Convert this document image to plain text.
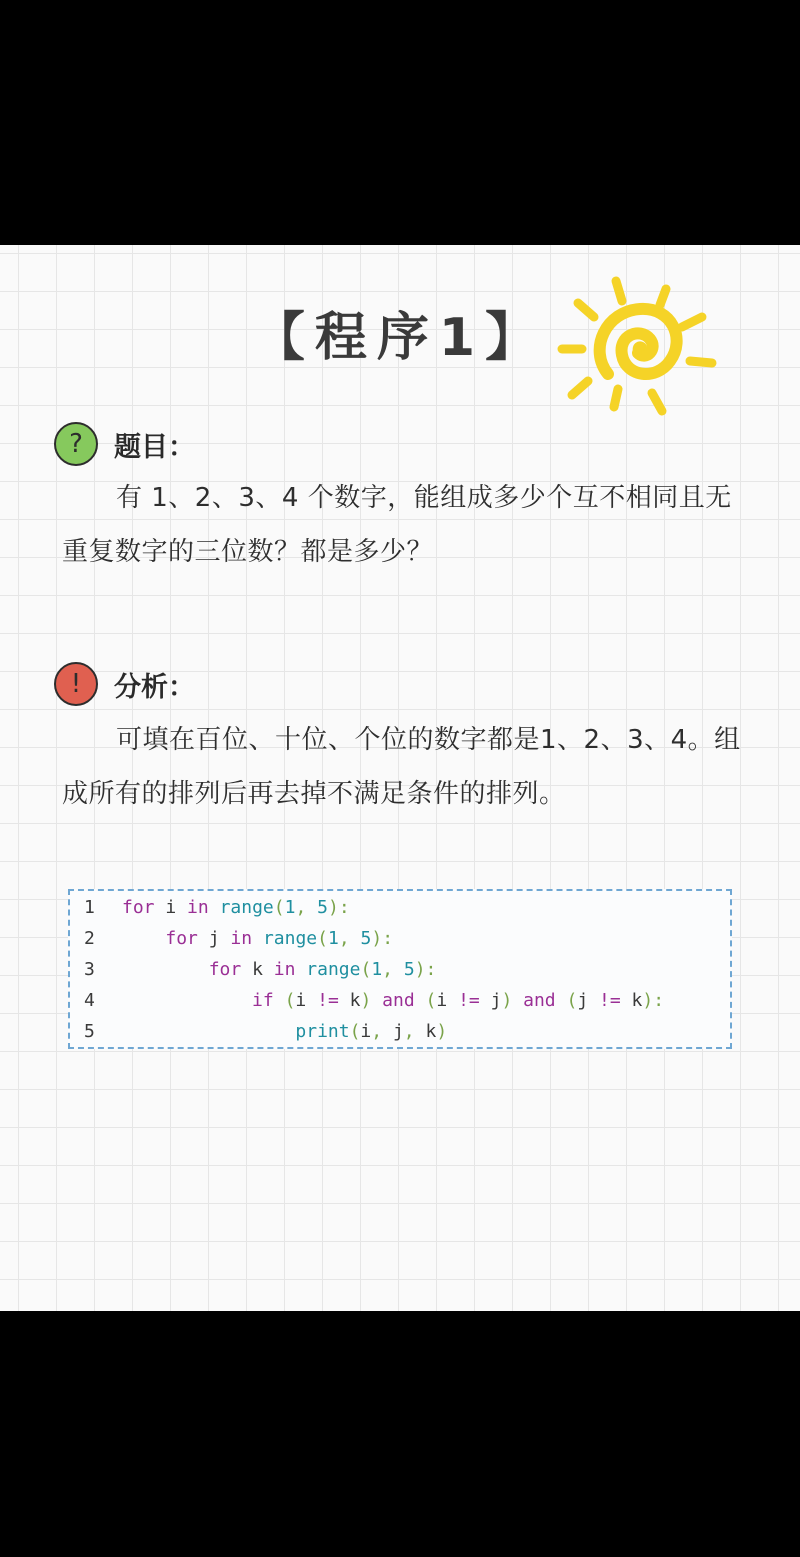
【程序1】
?	题目：
有 1、2、3、4 个数字，能组成多少个互不相同且无重复数字的三位数？都是多少？
!	分析：
可填在百位、十位、个位的数字都是1、2、3、4。组成所有的排列后再去掉不满足条件的排列。
1	for i in range(1, 5):
2	for j in range(1, 5):
3	for k in range(1, 5):
4	if (i != k) and (i != j) and (j != k):
5	print(i, j, k)
